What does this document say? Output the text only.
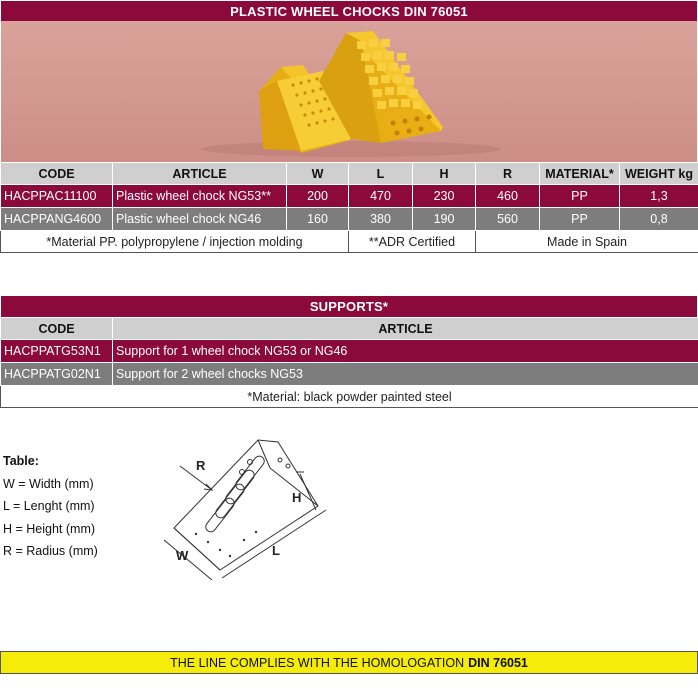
PLASTIC WHEEL CHOCKS DIN 76051
CODE	ARTICLE	W	L	H	R	MATERIAL*	WEIGHT kg
HACPPAC11100	Plastic wheel chock NG53**	200	470	230	460	PP	1,3
HACPPANG4600	Plastic wheel chock NG46	160	380	190	560	PP	0,8
*Material PP. polypropylene / injection molding			**ADR Certified		Made in Spain		
SUPPORTS*
CODE	ARTICLE
HACPPATG53N1	Support for 1 wheel chock NG53 or NG46
HACPPATG02N1	Support for 2 wheel chocks NG53
*Material: black powder painted steel	
Table:
W = Width (mm)
L = Lenght (mm)
H = Height (mm)
R = Radius (mm)
R
H
W	L
THE LINE COMPLIES WITH THE HOMOLOGATION DIN 76051
